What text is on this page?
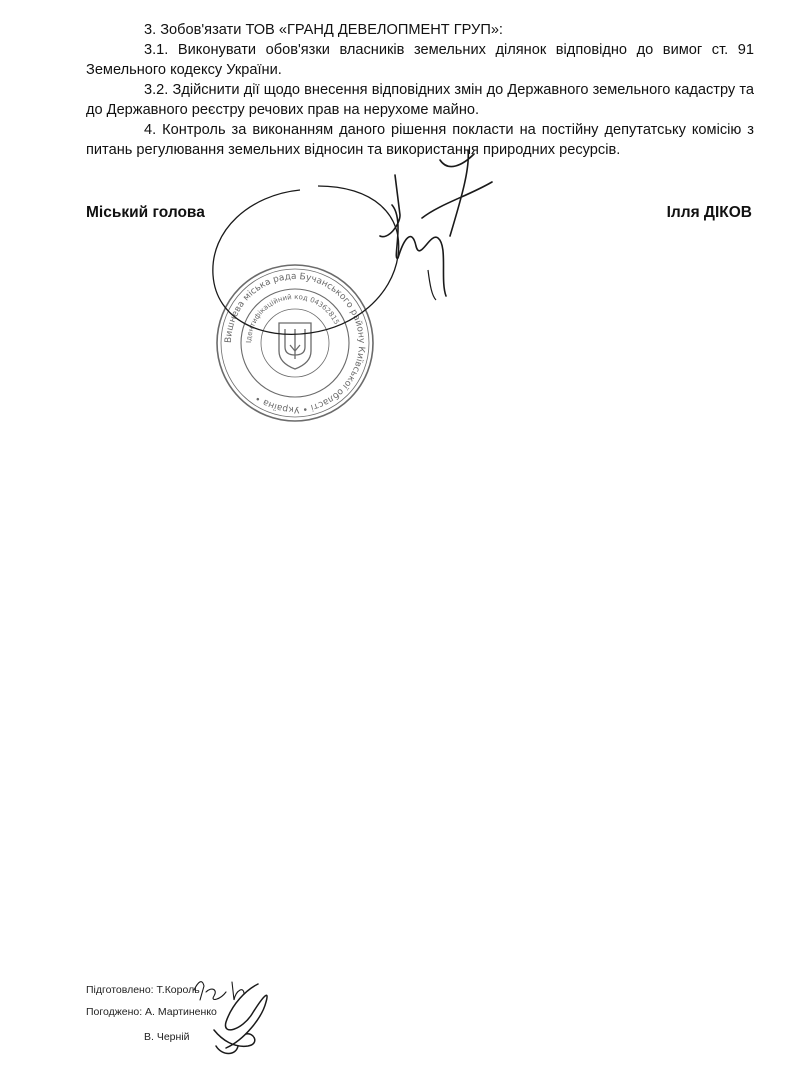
3. Зобов'язати ТОВ «ГРАНД ДЕВЕЛОПМЕНТ ГРУП»:

3.1. Виконувати обов'язки власників земельних ділянок відповідно до вимог ст. 91 Земельного кодексу України.

3.2. Здійснити дії щодо внесення відповідних змін до Державного земельного кадастру та до Державного реєстру речових прав на нерухоме майно.

4. Контроль за виконанням даного рішення покласти на постійну депутатську комісію з питань регулювання земельних відносин та використання природних ресурсів.

Міський голова	Ілля ДІКОВ
Вишнева міська рада Бучанського району Київської області • Україна •
Ідентифікаційний код 04362815
Підготовлено: Т.Король
Погоджено: А. Мартиненко
В. Черній
